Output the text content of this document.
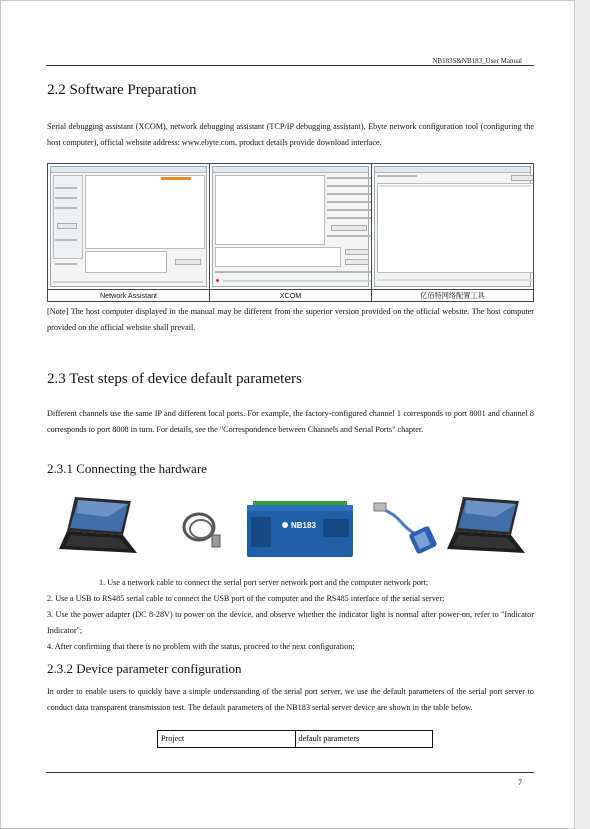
NB183S&NB183_User Manual
2.2 Software Preparation

Serial debugging assistant (XCOM), network debugging assistant (TCP/IP debugging assistant), Ebyte network configuration tool (configuring the host computer), official website address: www.ebyte.com, product details provide download interface.

Network Assistant	XCOM	亿佰特网络配置工具

[Note] The host computer displayed in the manual may be different from the superior version provided on the official website. The host computer provided on the official website shall prevail.

2.3 Test steps of device default parameters

Different channels use the same IP and different local ports. For example, the factory-configured channel 1 corresponds to port 8001 and channel 8 corresponds to port 8008 in turn. For details, see the "Correspondence between Channels and Serial Ports" chapter.

2.3.1 Connecting the hardware
NB183
1. Use a network cable to connect the serial port server network port and the computer network port;
2. Use a USB to RS485 serial cable to connect the USB port of the computer and the RS485 interface of the serial server;
3. Use the power adapter (DC 8-28V) to power on the device, and observe whether the indicator light is normal after power-on, refer to "Indicator Indicator";
4. After confirming that there is no problem with the status, proceed to the next configuration;
2.3.2 Device parameter configuration

In order to enable users to quickly have a simple understanding of the serial port server, we use the default parameters of the serial port server to conduct data transparent transmission test. The default parameters of the NB183 serial server device are shown in the table below.

Project	default parameters
7
